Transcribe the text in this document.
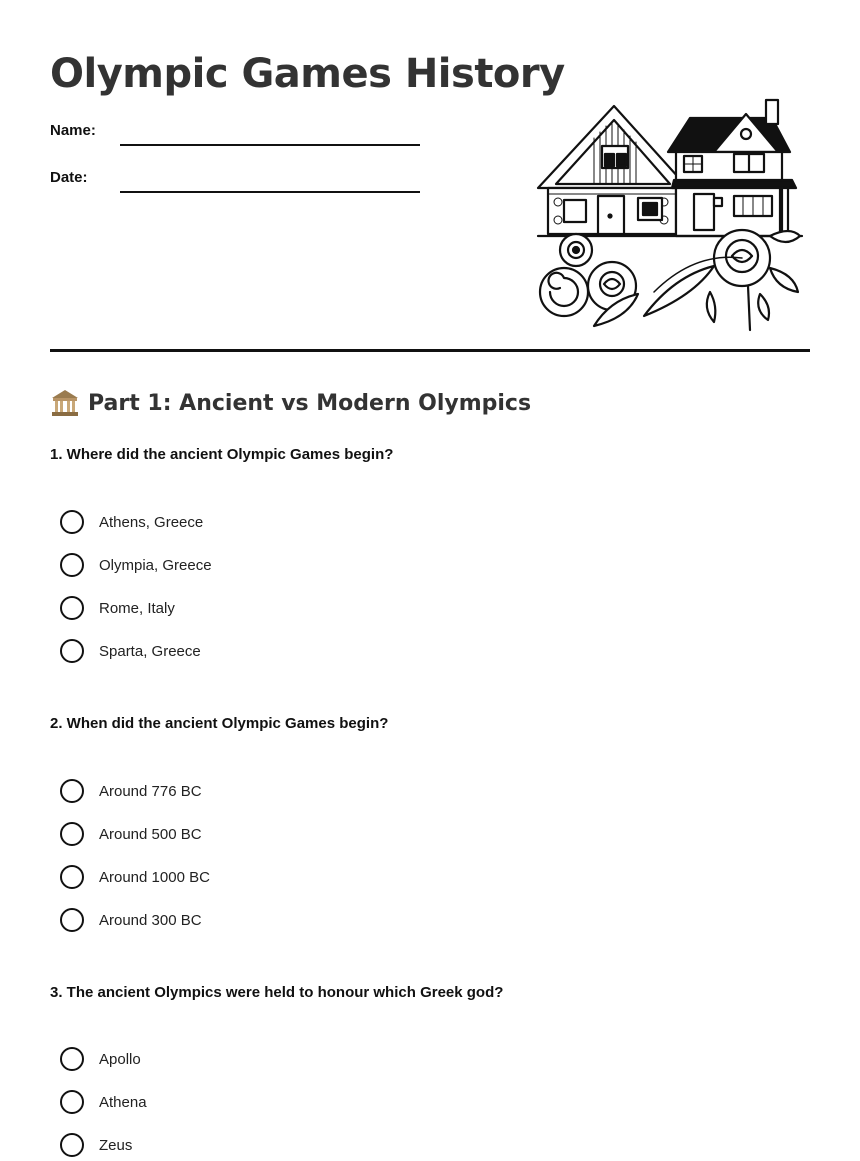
Olympic Games History
Name:
Date:
Part 1: Ancient vs Modern Olympics

1. Where did the ancient Olympic Games begin?

Athens, Greece
Olympia, Greece
Rome, Italy
Sparta, Greece

2. When did the ancient Olympic Games begin?

Around 776 BC
Around 500 BC
Around 1000 BC
Around 300 BC

3. The ancient Olympics were held to honour which Greek god?

Apollo
Athena
Zeus
